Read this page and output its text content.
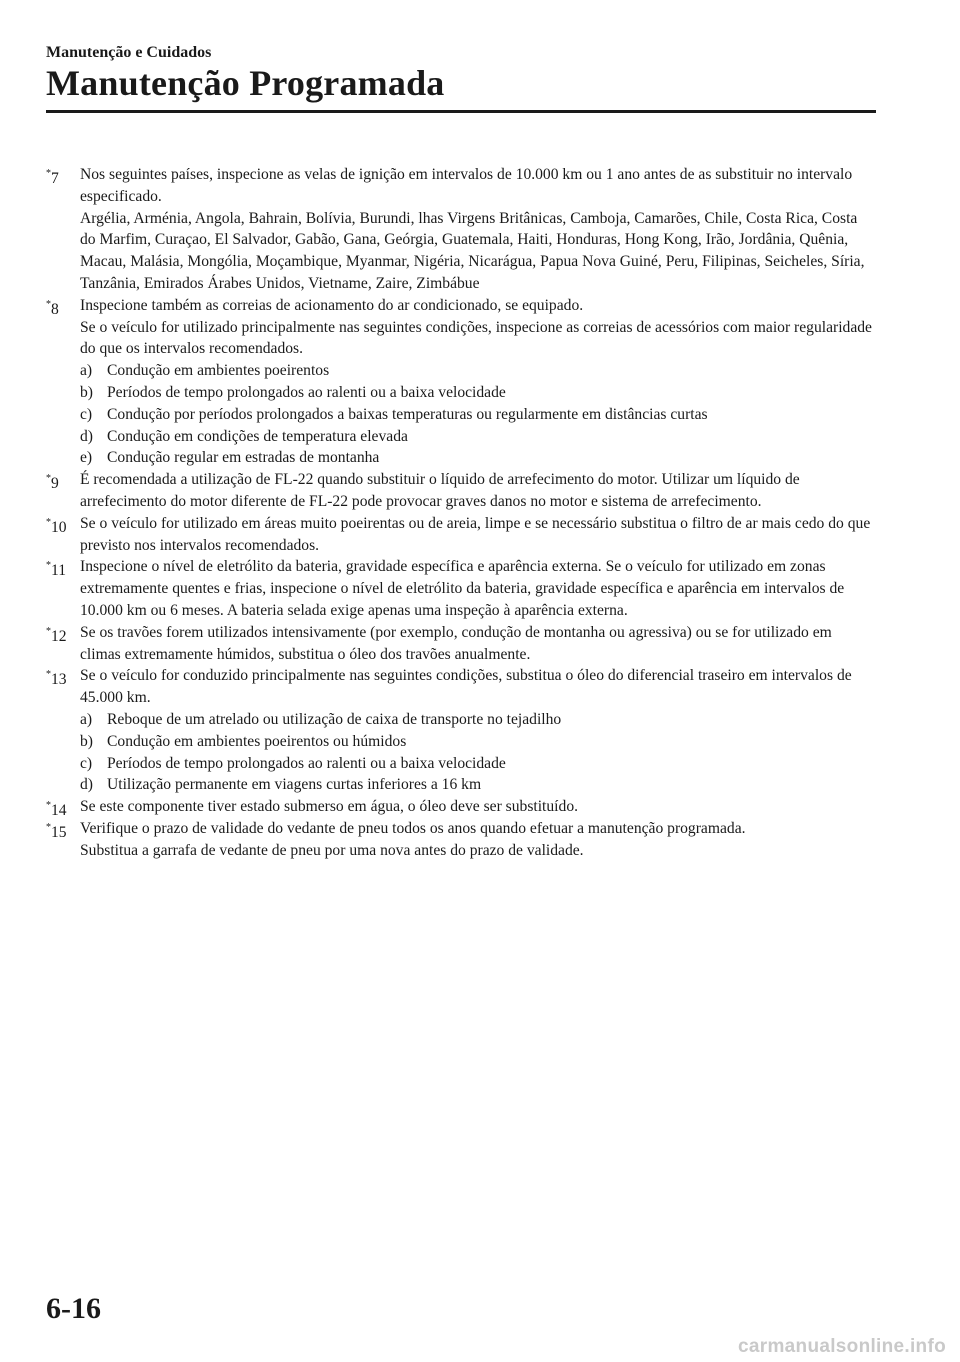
Manutenção e Cuidados
Manutenção Programada
*7 Nos seguintes países, inspecione as velas de ignição em intervalos de 10.000 km ou 1 ano antes de as substituir no intervalo especificado.

Argélia, Arménia, Angola, Bahrain, Bolívia, Burundi, lhas Virgens Britânicas, Camboja, Camarões, Chile, Costa Rica, Costa do Marfim, Curaçao, El Salvador, Gabão, Gana, Geórgia, Guatemala, Haiti, Honduras, Hong Kong, Irão, Jordânia, Quênia, Macau, Malásia, Mongólia, Moçambique, Myanmar, Nigéria, Nicarágua, Papua Nova Guiné, Peru, Filipinas, Seicheles, Síria, Tanzânia, Emirados Árabes Unidos, Vietname, Zaire, Zimbábue

*8 Inspecione também as correias de acionamento do ar condicionado, se equipado.

Se o veículo for utilizado principalmente nas seguintes condições, inspecione as correias de acessórios com maior regularidade do que os intervalos recomendados.

a) Condução em ambientes poeirentos

b) Períodos de tempo prolongados ao ralenti ou a baixa velocidade

c) Condução por períodos prolongados a baixas temperaturas ou regularmente em distâncias curtas

d) Condução em condições de temperatura elevada

e) Condução regular em estradas de montanha

*9 É recomendada a utilização de FL-22 quando substituir o líquido de arrefecimento do motor. Utilizar um líquido de arrefecimento do motor diferente de FL-22 pode provocar graves danos no motor e sistema de arrefecimento.

*10 Se o veículo for utilizado em áreas muito poeirentas ou de areia, limpe e se necessário substitua o filtro de ar mais cedo do que previsto nos intervalos recomendados.

*11 Inspecione o nível de eletrólito da bateria, gravidade específica e aparência externa. Se o veículo for utilizado em zonas extremamente quentes e frias, inspecione o nível de eletrólito da bateria, gravidade específica e aparência em intervalos de 10.000 km ou 6 meses. A bateria selada exige apenas uma inspeção à aparência externa.

*12 Se os travões forem utilizados intensivamente (por exemplo, condução de montanha ou agressiva) ou se for utilizado em climas extremamente húmidos, substitua o óleo dos travões anualmente.

*13 Se o veículo for conduzido principalmente nas seguintes condições, substitua o óleo do diferencial traseiro em intervalos de 45.000 km.

a) Reboque de um atrelado ou utilização de caixa de transporte no tejadilho

b) Condução em ambientes poeirentos ou húmidos

c) Períodos de tempo prolongados ao ralenti ou a baixa velocidade

d) Utilização permanente em viagens curtas inferiores a 16 km

*14 Se este componente tiver estado submerso em água, o óleo deve ser substituído.

*15 Verifique o prazo de validade do vedante de pneu todos os anos quando efetuar a manutenção programada.

Substitua a garrafa de vedante de pneu por uma nova antes do prazo de validade.

6-16
carmanualsonline.info
